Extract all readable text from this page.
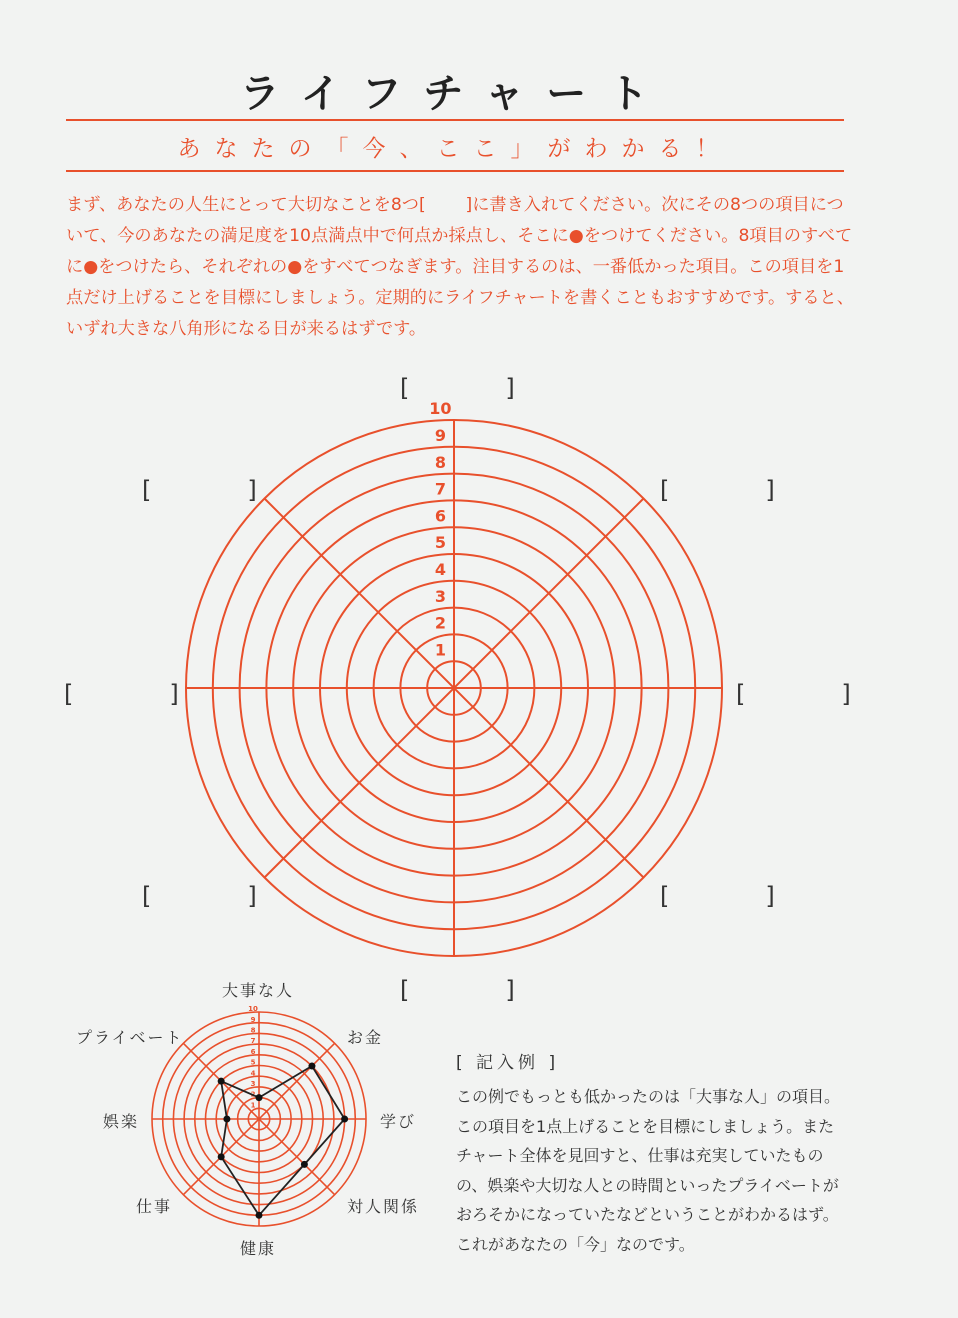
ライフチャート
あなたの「今、ここ」がわかる！
まず、あなたの人生にとって大切なことを8つ[　　 ]に書き入れてください。次にその8つの項目について、今のあなたの満足度を10点満点中で何点か採点し、そこに●をつけてください。8項目のすべてに●をつけたら、それぞれの●をすべてつなぎます。注目するのは、一番低かった項目。この項目を1点だけ上げることを目標にしましょう。定期的にライフチャートを書くこともおすすめです。すると、いずれ大きな八角形になる日が来るはずです。
1
2
3
4
5
6
7
8
9
10
1
2
3
4
5
6
7
8
9
10
[　　　　]
[　　　　]
[　　　　]
[　　　　]
[　　　　]
[　　　　]
[　　　　]
[　　　　]
大事な人
お金
学び
対人関係
健康
仕事
娯楽
プライベート
[ 記入例 ]
この例でもっとも低かったのは「大事な人」の項目。この項目を1点上げることを目標にしましょう。またチャート全体を見回すと、仕事は充実していたものの、娯楽や大切な人との時間といったプライベートがおろそかになっていたなどということがわかるはず。これがあなたの「今」なのです。
